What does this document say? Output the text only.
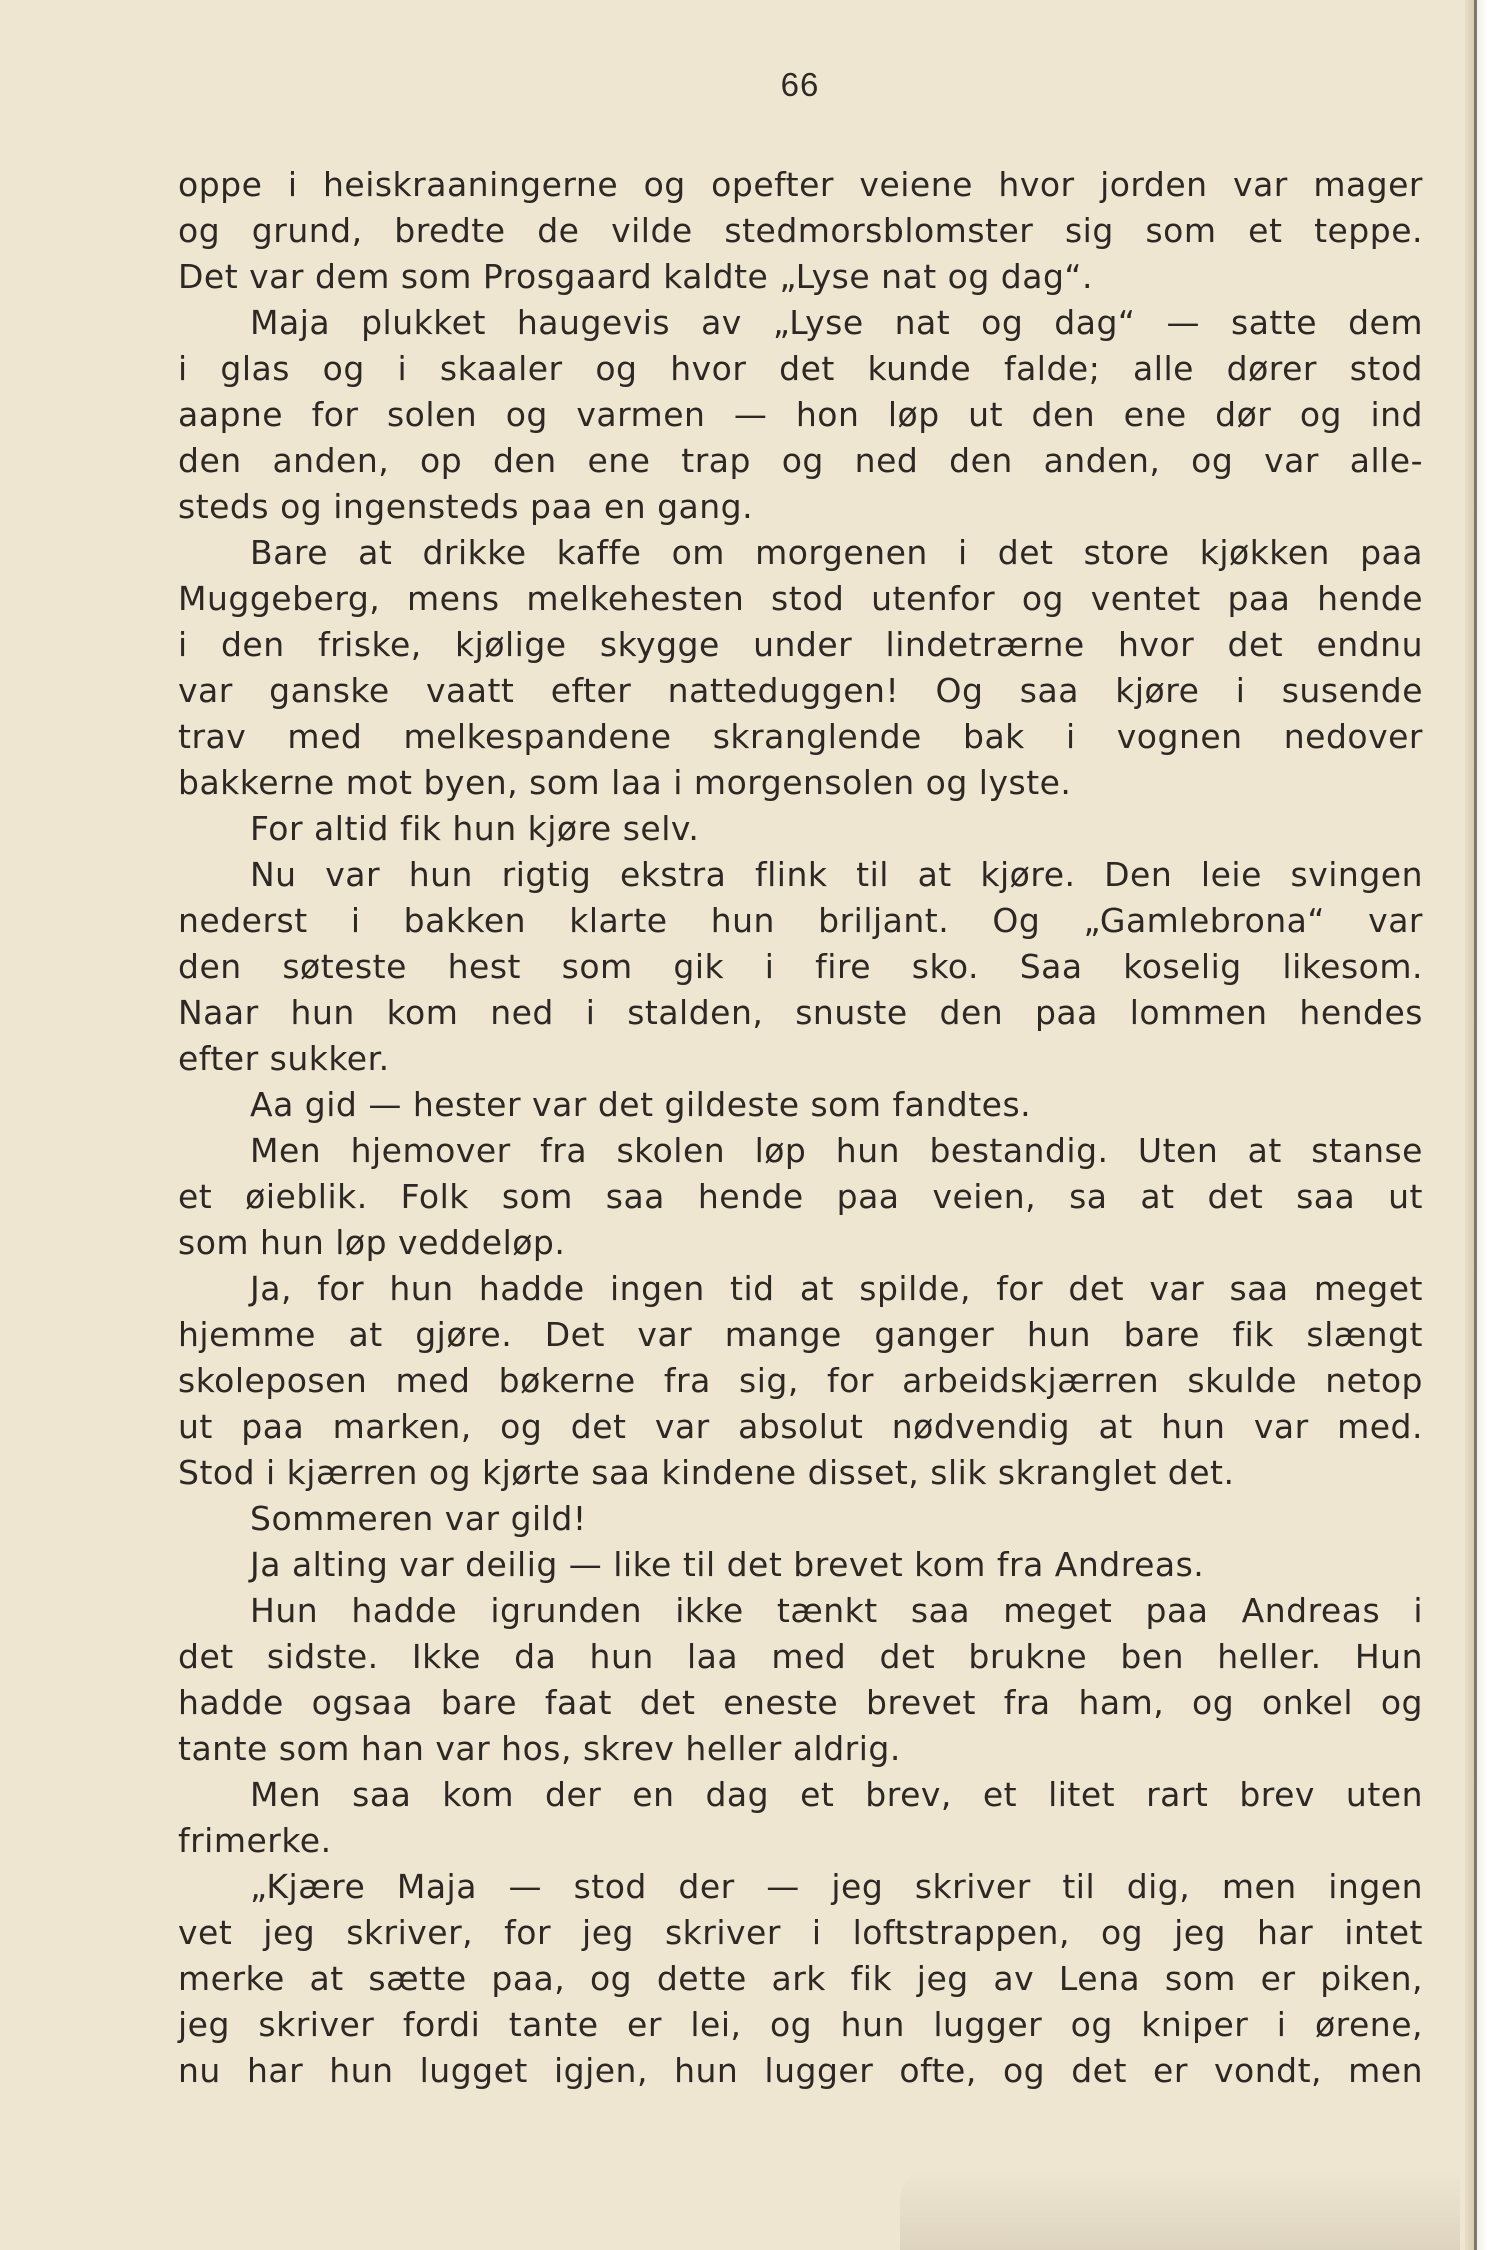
66
oppe i heiskraaningerne og opefter veiene hvor jorden var mager
og grund, bredte de vilde stedmorsblomster sig som et teppe.
Det var dem som Prosgaard kaldte „Lyse nat og dag“.
Maja plukket haugevis av „Lyse nat og dag“ — satte dem
i glas og i skaaler og hvor det kunde falde; alle dører stod
aapne for solen og varmen — hon løp ut den ene dør og ind
den anden, op den ene trap og ned den anden, og var alle-
steds og ingensteds paa en gang.
Bare at drikke kaffe om morgenen i det store kjøkken paa
Muggeberg, mens melkehesten stod utenfor og ventet paa hende
i den friske, kjølige skygge under lindetrærne hvor det endnu
var ganske vaatt efter natteduggen! Og saa kjøre i susende
trav med melkespandene skranglende bak i vognen nedover
bakkerne mot byen, som laa i morgensolen og lyste.
For altid fik hun kjøre selv.
Nu var hun rigtig ekstra flink til at kjøre. Den leie svingen
nederst i bakken klarte hun briljant. Og „Gamlebrona“ var
den søteste hest som gik i fire sko. Saa koselig likesom.
Naar hun kom ned i stalden, snuste den paa lommen hendes
efter sukker.
Aa gid — hester var det gildeste som fandtes.
Men hjemover fra skolen løp hun bestandig. Uten at stanse
et øieblik. Folk som saa hende paa veien, sa at det saa ut
som hun løp veddeløp.
Ja, for hun hadde ingen tid at spilde, for det var saa meget
hjemme at gjøre. Det var mange ganger hun bare fik slængt
skoleposen med bøkerne fra sig, for arbeidskjærren skulde netop
ut paa marken, og det var absolut nødvendig at hun var med.
Stod i kjærren og kjørte saa kindene disset, slik skranglet det.
Sommeren var gild!
Ja alting var deilig — like til det brevet kom fra Andreas.
Hun hadde igrunden ikke tænkt saa meget paa Andreas i
det sidste. Ikke da hun laa med det brukne ben heller. Hun
hadde ogsaa bare faat det eneste brevet fra ham, og onkel og
tante som han var hos, skrev heller aldrig.
Men saa kom der en dag et brev, et litet rart brev uten
frimerke.
„Kjære Maja — stod der — jeg skriver til dig, men ingen
vet jeg skriver, for jeg skriver i loftstrappen, og jeg har intet
merke at sætte paa, og dette ark fik jeg av Lena som er piken,
jeg skriver fordi tante er lei, og hun lugger og kniper i ørene,
nu har hun lugget igjen, hun lugger ofte, og det er vondt, men
